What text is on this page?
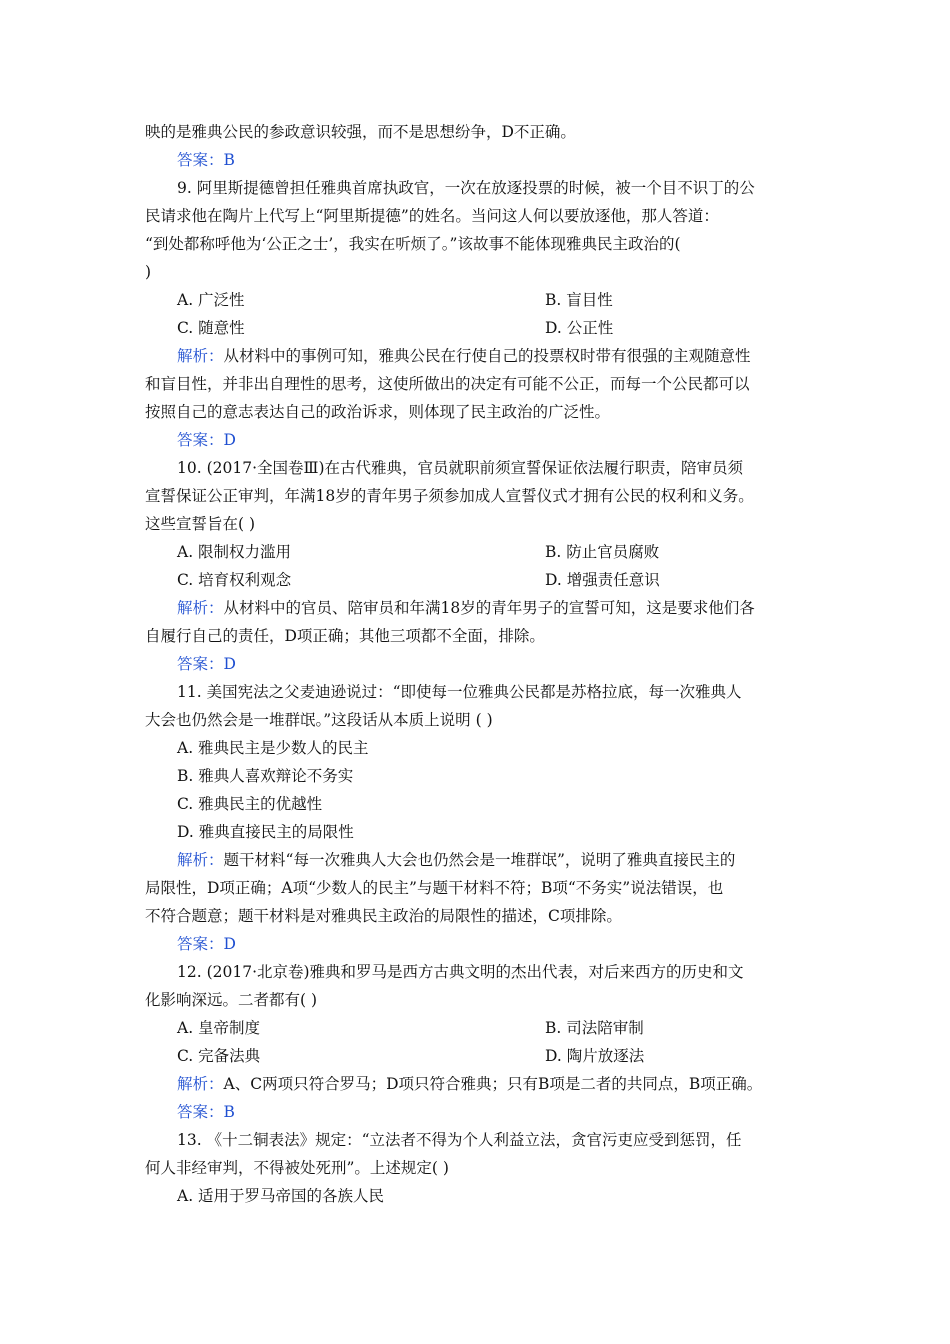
映的是雅典公民的参政意识较强，而不是思想纷争，D不正确。
答案：B
9. 阿里斯提德曾担任雅典首席执政官，一次在放逐投票的时候，被一个目不识丁的公
民请求他在陶片上代写上“阿里斯提德”的姓名。当问这人何以要放逐他，那人答道：
“到处都称呼他为‘公正之士’，我实在听烦了。”该故事不能体现雅典民主政治的(
)
A. 广泛性	B. 盲目性
C. 随意性	D. 公正性
解析：从材料中的事例可知，雅典公民在行使自己的投票权时带有很强的主观随意性
和盲目性，并非出自理性的思考，这使所做出的决定有可能不公正，而每一个公民都可以
按照自己的意志表达自己的政治诉求，则体现了民主政治的广泛性。
答案：D
10. (2017·全国卷Ⅲ)在古代雅典，官员就职前须宣誓保证依法履行职责，陪审员须
宣誓保证公正审判，年满18岁的青年男子须参加成人宣誓仪式才拥有公民的权利和义务。
这些宣誓旨在( )
A. 限制权力滥用	B. 防止官员腐败
C. 培育权利观念	D. 增强责任意识
解析：从材料中的官员、陪审员和年满18岁的青年男子的宣誓可知，这是要求他们各
自履行自己的责任，D项正确；其他三项都不全面，排除。
答案：D
11. 美国宪法之父麦迪逊说过：“即使每一位雅典公民都是苏格拉底，每一次雅典人
大会也仍然会是一堆群氓。”这段话从本质上说明 ( )
A. 雅典民主是少数人的民主
B. 雅典人喜欢辩论不务实
C. 雅典民主的优越性
D. 雅典直接民主的局限性
解析：题干材料“每一次雅典人大会也仍然会是一堆群氓”，说明了雅典直接民主的
局限性，D项正确；A项“少数人的民主”与题干材料不符；B项“不务实”说法错误，也
不符合题意；题干材料是对雅典民主政治的局限性的描述，C项排除。
答案：D
12. (2017·北京卷)雅典和罗马是西方古典文明的杰出代表，对后来西方的历史和文
化影响深远。二者都有( )
A. 皇帝制度	B. 司法陪审制
C. 完备法典	D. 陶片放逐法
解析：A、C两项只符合罗马；D项只符合雅典；只有B项是二者的共同点，B项正确。
答案：B
13. 《十二铜表法》规定：“立法者不得为个人利益立法，贪官污吏应受到惩罚，任
何人非经审判，不得被处死刑”。上述规定( )
A. 适用于罗马帝国的各族人民
